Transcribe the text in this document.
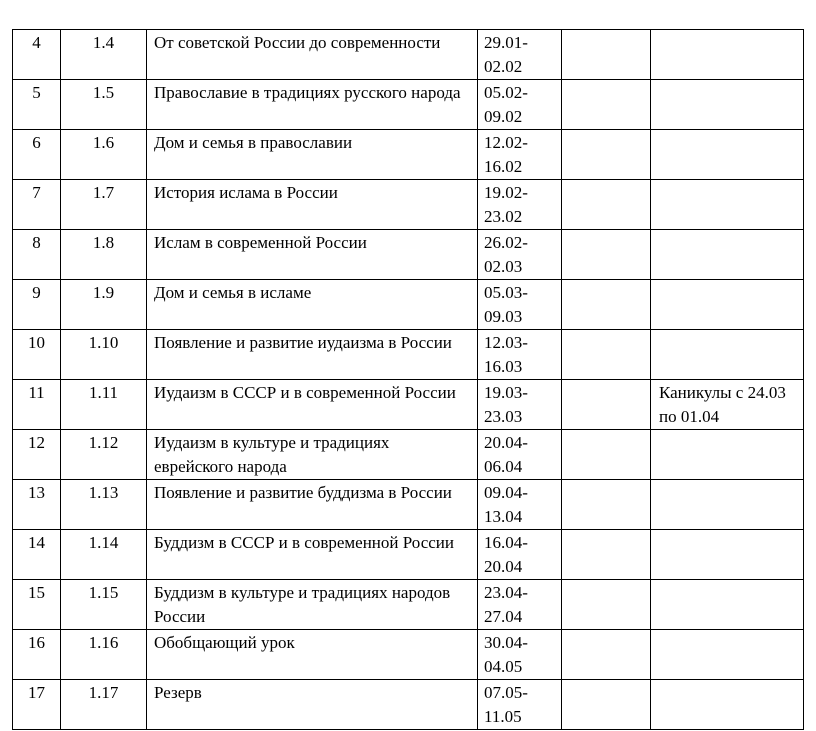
4	1.4	От советской России до современности	29.01-
02.02		
5	1.5	Православие в традициях русского народа	05.02-
09.02		
6	1.6	Дом и семья в православии	12.02-
16.02		
7	1.7	История ислама в России	19.02-
23.02		
8	1.8	Ислам в современной России	26.02-
02.03		
9	1.9	Дом и семья в исламе	05.03-
09.03		
10	1.10	Появление и развитие иудаизма в России	12.03-
16.03		
11	1.11	Иудаизм в СССР и в современной России	19.03-
23.03		Каникулы с 24.03 по 01.04
12	1.12	Иудаизм в культуре и традициях еврейского народа	20.04-
06.04		
13	1.13	Появление и развитие буддизма в России	09.04-
13.04		
14	1.14	Буддизм в СССР и в современной России	16.04-
20.04		
15	1.15	Буддизм в культуре и традициях народов России	23.04-
27.04		
16	1.16	Обобщающий урок	30.04-
04.05		
17	1.17	Резерв	07.05-
11.05		
